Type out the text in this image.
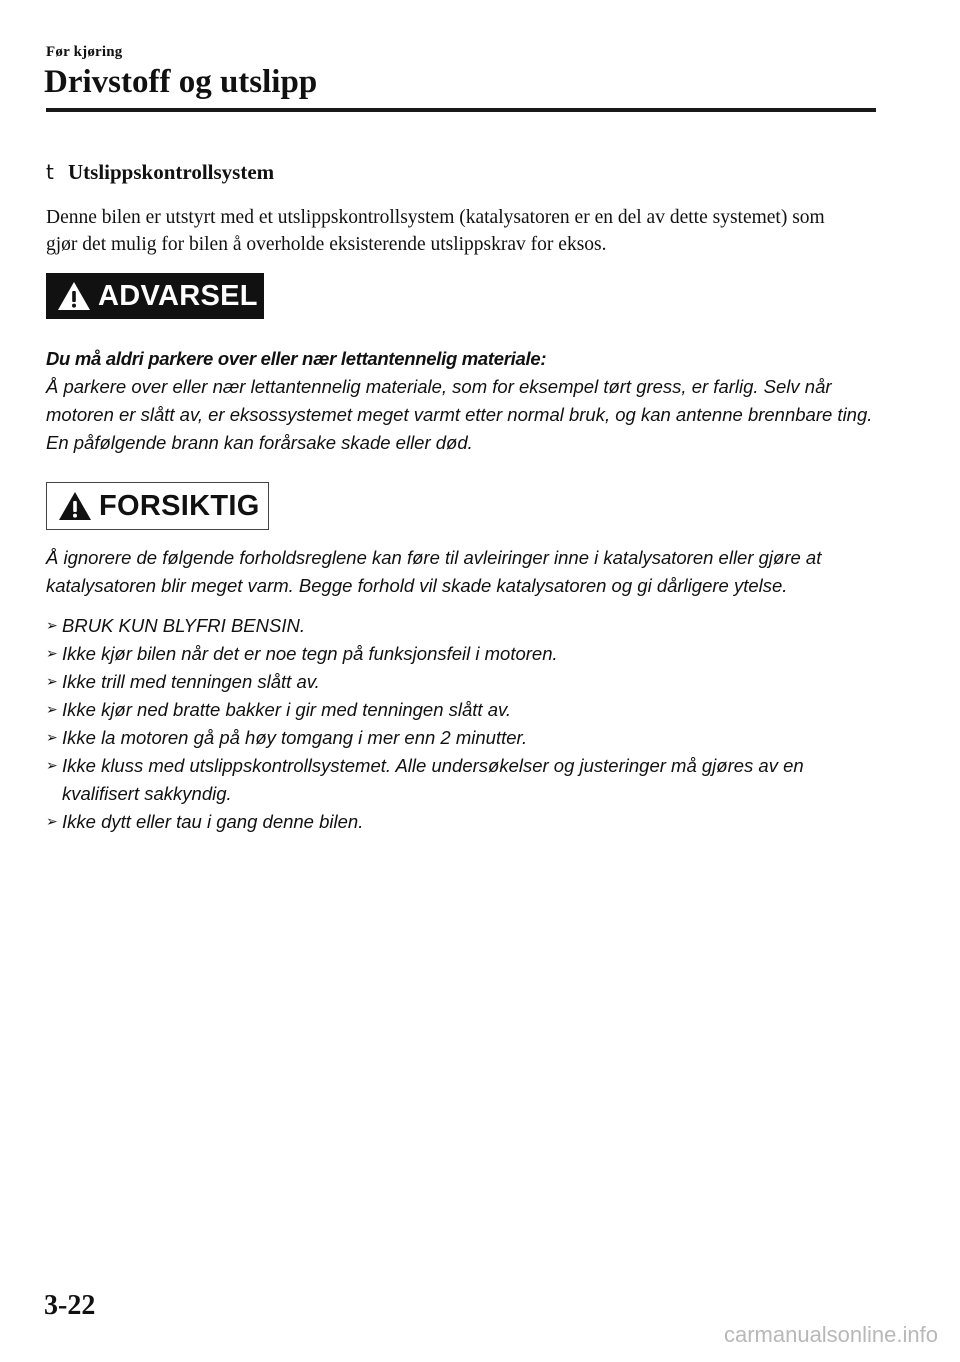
Før kjøring
Drivstoff og utslipp
t Utslippskontrollsystem

Denne bilen er utstyrt med et utslippskontrollsystem (katalysatoren er en del av dette systemet) som gjør det mulig for bilen å overholde eksisterende utslippskrav for eksos.

ADVARSEL
Du må aldri parkere over eller nær lettantennelig materiale:
Å parkere over eller nær lettantennelig materiale, som for eksempel tørt gress, er farlig. Selv når motoren er slått av, er eksossystemet meget varmt etter normal bruk, og kan antenne brennbare ting. En påfølgende brann kan forårsake skade eller død.
FORSIKTIG
Å ignorere de følgende forholdsreglene kan føre til avleiringer inne i katalysatoren eller gjøre at katalysatoren blir meget varm. Begge forhold vil skade katalysatoren og gi dårligere ytelse.
➢ BRUK KUN BLYFRI BENSIN.
➢ Ikke kjør bilen når det er noe tegn på funksjonsfeil i motoren.
➢ Ikke trill med tenningen slått av.
➢ Ikke kjør ned bratte bakker i gir med tenningen slått av.
➢ Ikke la motoren gå på høy tomgang i mer enn 2 minutter.
➢ Ikke kluss med utslippskontrollsystemet. Alle undersøkelser og justeringer må gjøres av en kvalifisert sakkyndig.
➢ Ikke dytt eller tau i gang denne bilen.
3-22
carmanualsonline.info
